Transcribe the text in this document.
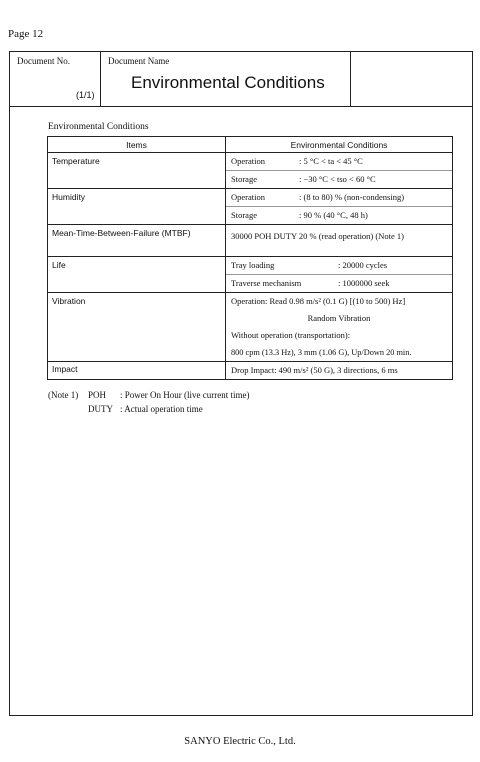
Page 12
Document No.
(1/1)
Document Name
Environmental Conditions
Environmental Conditions
Items	Environmental Conditions
Temperature	Operation : 5 °C < ta < 45 °C
Storage : −30 °C < tso < 60 °C

Humidity	Operation : (8 to 80) % (non-condensing)
Storage : 90 % (40 °C, 48 h)

Mean-Time-Between-Failure (MTBF)	30000 POH DUTY 20 % (read operation) (Note 1)

Life	Tray loading : 20000 cycles
Traverse mechanism : 1000000 seek

Vibration	Operation: Read 0.98 m/s² (0.1 G) [(10 to 500) Hz]
Random Vibration
Without operation (transportation):
800 cpm (13.3 Hz), 3 mm (1.06 G), Up/Down 20 min.

Impact	Drop Impact: 490 m/s² (50 G), 3 directions, 6 ms
(Note 1)	POH	: Power On Hour (live current time)
DUTY : Actual operation time
SANYO Electric Co., Ltd.
